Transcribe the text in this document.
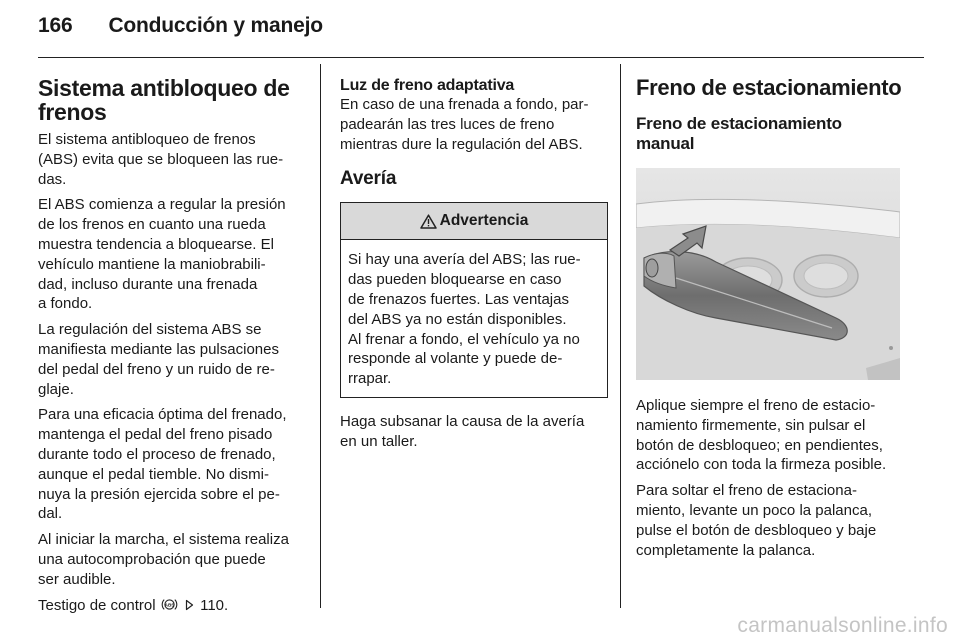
166 Conducción y manejo
Sistema antibloqueo de
frenos

El sistema antibloqueo de frenos
(ABS) evita que se bloqueen las rue-
das.

El ABS comienza a regular la presión
de los frenos en cuanto una rueda
muestra tendencia a bloquearse. El
vehículo mantiene la maniobrabili-
dad, incluso durante una frenada
a fondo.

La regulación del sistema ABS se
manifiesta mediante las pulsaciones
del pedal del freno y un ruido de re-
glaje.

Para una eficacia óptima del frenado,
mantenga el pedal del freno pisado
durante todo el proceso de frenado,
aunque el pedal tiemble. No dismi-
nuya la presión ejercida sobre el pe-
dal.

Al iniciar la marcha, el sistema realiza
una autocomprobación que puede
ser audible.

Testigo de control ABS 110.

Luz de freno adaptativa

En caso de una frenada a fondo, par-
padearán las tres luces de freno
mientras dure la regulación del ABS.

Avería
Advertencia

Si hay una avería del ABS; las rue-
das pueden bloquearse en caso
de frenazos fuertes. Las ventajas
del ABS ya no están disponibles.
Al frenar a fondo, el vehículo ya no
responde al volante y puede de-
rrapar.

Haga subsanar la causa de la avería
en un taller.

Freno de estacionamiento
Freno de estacionamiento
manual

Aplique siempre el freno de estacio-
namiento firmemente, sin pulsar el
botón de desbloqueo; en pendientes,
acciónelo con toda la firmeza posible.

Para soltar el freno de estaciona-
miento, levante un poco la palanca,
pulse el botón de desbloqueo y baje
completamente la palanca.

carmanualsonline.info
